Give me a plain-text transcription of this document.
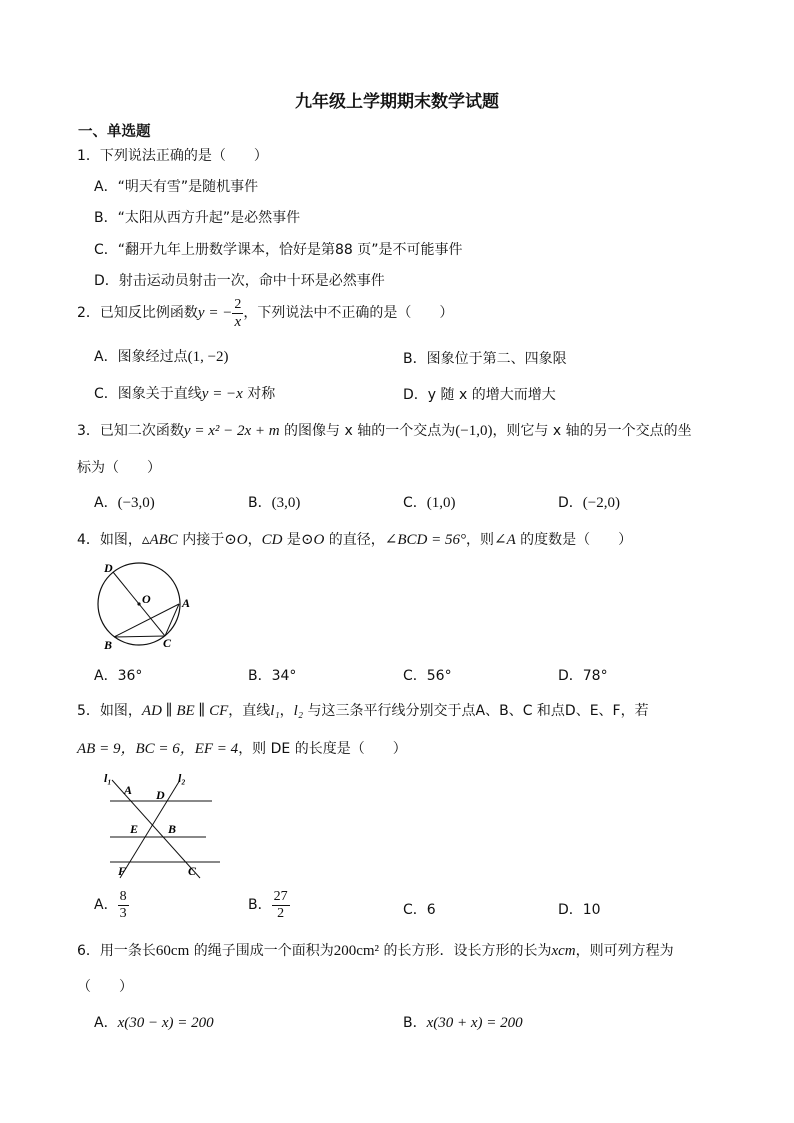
九年级上学期期末数学试题
一、单选题
1．下列说法正确的是（　　）
A．“明天有雪”是随机事件
B．“太阳从西方升起”是必然事件
C．“翻开九年上册数学课本，恰好是第88 页”是不可能事件
D．射击运动员射击一次，命中十环是必然事件
2．已知反比例函数y = − $\frac{2}{x}$ ，下列说法中不正确的是（　　）
A．图象经过点(1, −2)	B．图象位于第二、四象限
C．图象关于直线y = −x 对称	D．y 随 x 的增大而增大
3．已知二次函数y = x² − 2x + m 的图像与 x 轴的一个交点为(−1,0)，则它与 x 轴的另一个交点的坐
标为（　　）
A．(−3,0)	B．(3,0)	C．(1,0)	D．(−2,0)
4．如图，▵ABC 内接于⊙O，CD 是⊙O 的直径，∠BCD = 56°，则∠A 的度数是（　　）
D
O	A
B	C
A．36°	B．34°	C．56°	D．78°
5．如图，AD ∥ BE ∥ CF，直线l₁，l₂ 与这三条平行线分别交于点A、B、C 和点D、E、F，若
AB = 9，BC = 6，EF = 4，则 DE 的长度是（　　）
l₁	l₂
A D
E B
F	C
A． $\frac{8}{3}$	B． $\frac{27}{2}$	C．6	D．10
6．用一条长60cm 的绳子围成一个面积为200cm² 的长方形．设长方形的长为xcm，则可列方程为
（　　）
A．x(30 − x) = 200	B．x(30 + x) = 200
